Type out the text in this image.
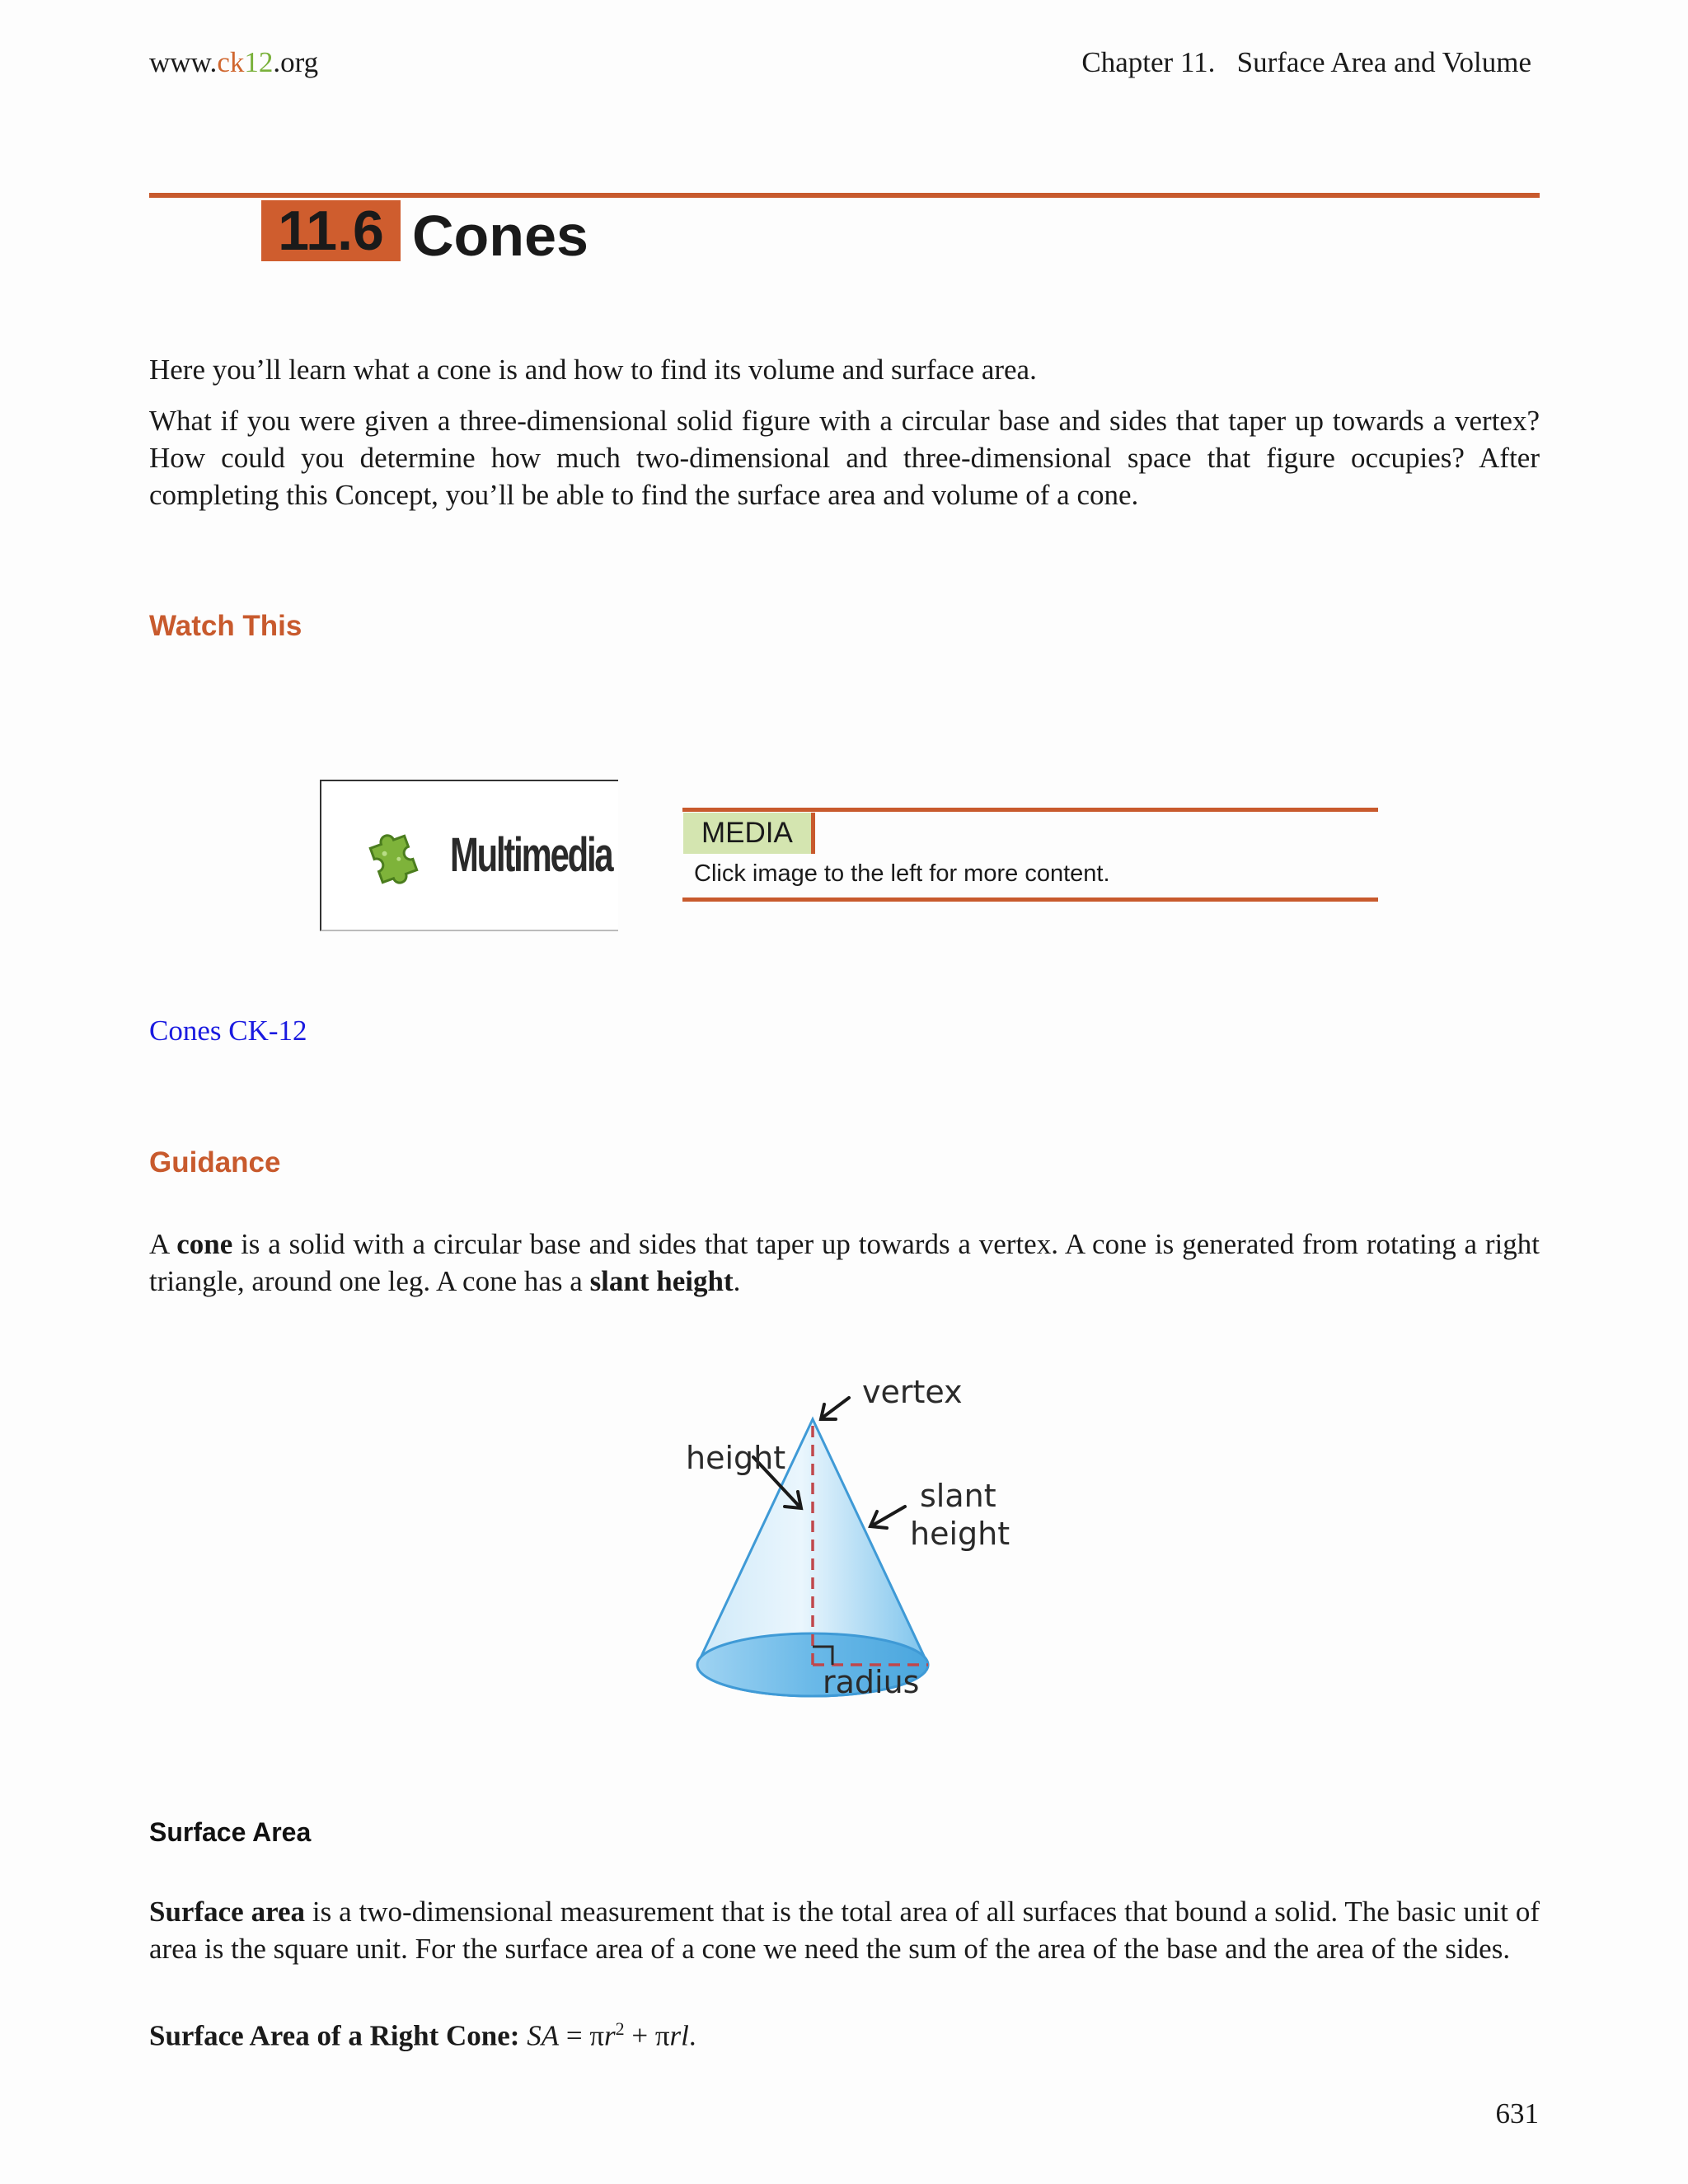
www.ck12.org	Chapter 11.   Surface Area and Volume
11.6 Cones
Here you’ll learn what a cone is and how to find its volume and surface area.
What if you were given a three-dimensional solid figure with a circular base and sides that taper up towards a vertex? How could you determine how much two-dimensional and three-dimensional space that figure occupies? After completing this Concept, you’ll be able to find the surface area and volume of a cone.
Watch This
Multimedia	MEDIA
Click image to the left for more content.
Cones CK-12
Guidance
A cone is a solid with a circular base and sides that taper up towards a vertex. A cone is generated from rotating a right triangle, around one leg. A cone has a slant height.
vertex
height
slant
height
radius
Surface Area
Surface area is a two-dimensional measurement that is the total area of all surfaces that bound a solid. The basic unit of area is the square unit. For the surface area of a cone we need the sum of the area of the base and the area of the sides.
Surface Area of a Right Cone: SA = $\pi r^2 + \pi rl$.
631
